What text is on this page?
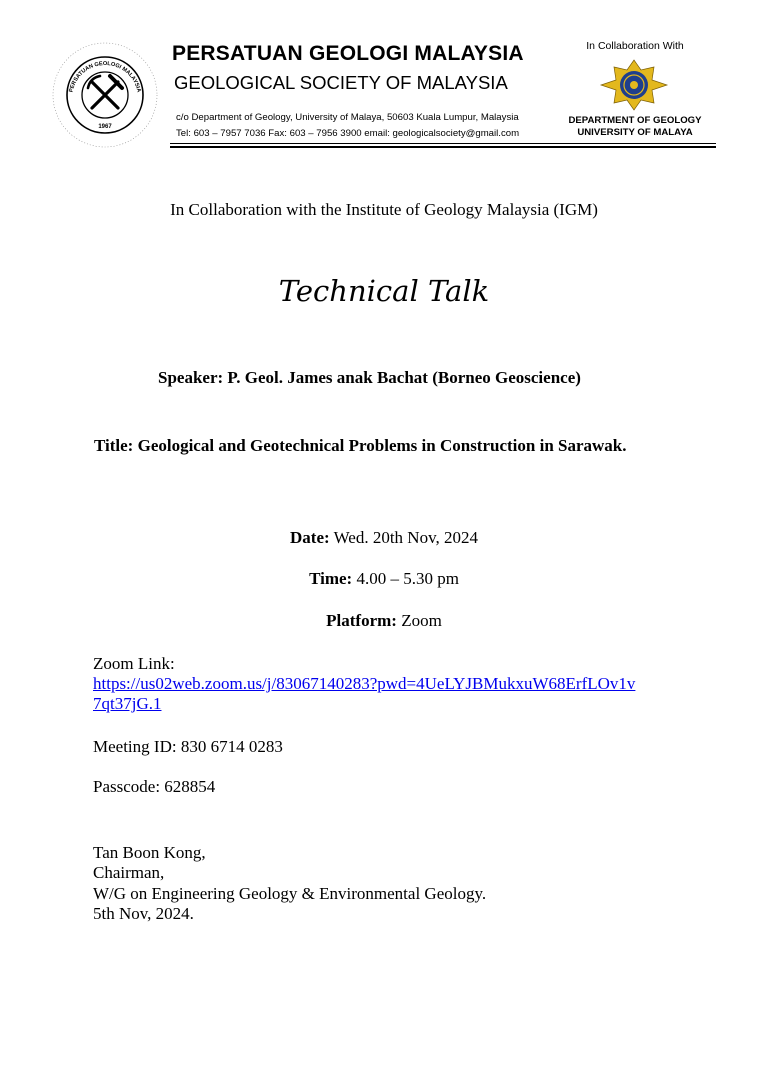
PERSATUAN GEOLOGI MALAYSIA
1967
PERSATUAN GEOLOGI MALAYSIA
GEOLOGICAL SOCIETY OF MALAYSIA
c/o Department of Geology, University of Malaya, 50603 Kuala Lumpur, Malaysia
Tel: 603 – 7957 7036 Fax: 603 – 7956 3900 email: geologicalsociety@gmail.com
In Collaboration With
DEPARTMENT OF GEOLOGY
UNIVERSITY OF MALAYA
In Collaboration with the Institute of Geology Malaysia (IGM)
Technical Talk
Speaker: P. Geol. James anak Bachat (Borneo Geoscience)
Title: Geological and Geotechnical Problems in Construction in Sarawak.
Date: Wed. 20th Nov, 2024
Time: 4.00 – 5.30 pm
Platform: Zoom
Zoom Link:
https://us02web.zoom.us/j/83067140283?pwd=4UeLYJBMukxuW68ErfLOv1v
7qt37jG.1
Meeting ID: 830 6714 0283
Passcode: 628854
Tan Boon Kong,
Chairman,
W/G on Engineering Geology & Environmental Geology.
5th Nov, 2024.
